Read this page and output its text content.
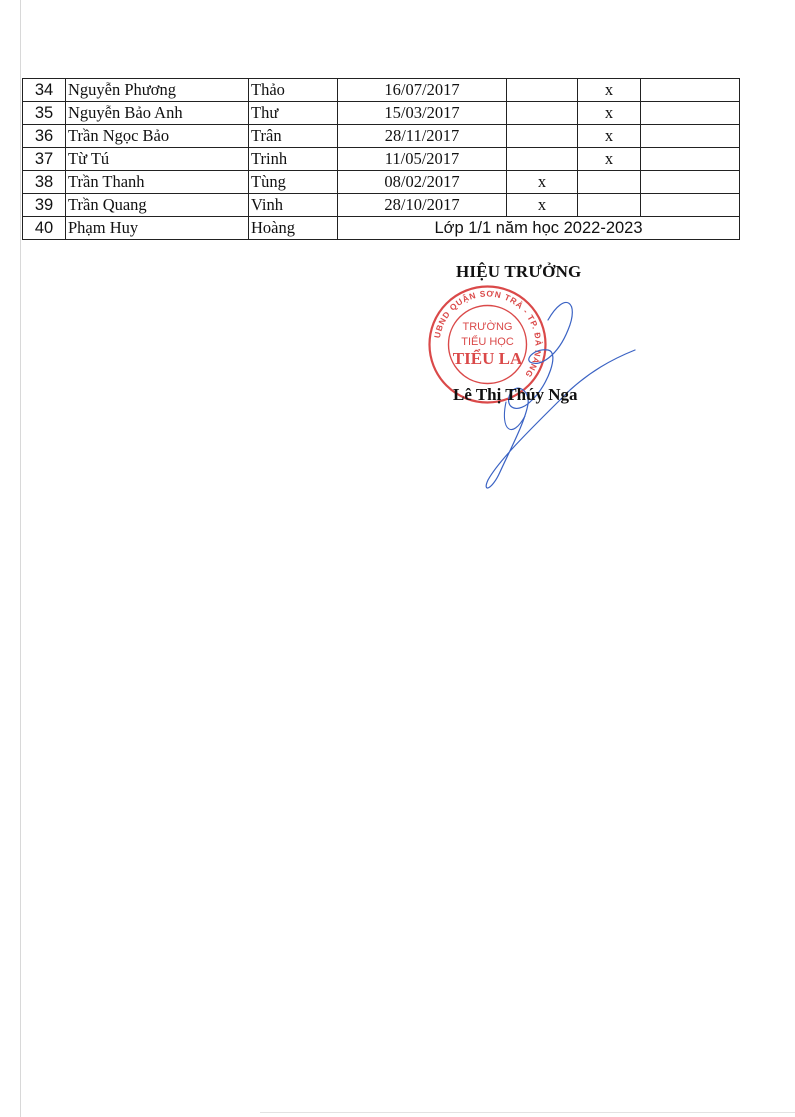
34	Nguyễn Phương	Thảo	16/07/2017		x	
35	Nguyễn Bảo Anh	Thư	15/03/2017		x	
36	Trần Ngọc Bảo	Trân	28/11/2017		x	
37	Từ Tú	Trinh	11/05/2017		x	
38	Trần Thanh	Tùng	08/02/2017	x		
39	Trần Quang	Vinh	28/10/2017	x		
40	Phạm Huy	Hoàng	Lớp 1/1 năm học 2022-2023			
HIỆU TRƯỞNG
UBND QUẬN SƠN TRÀ - TP. ĐÀ NẴNG
TRƯỜNG
TIỂU HỌC
TIỂU LA
Lê Thị Thúy Nga
